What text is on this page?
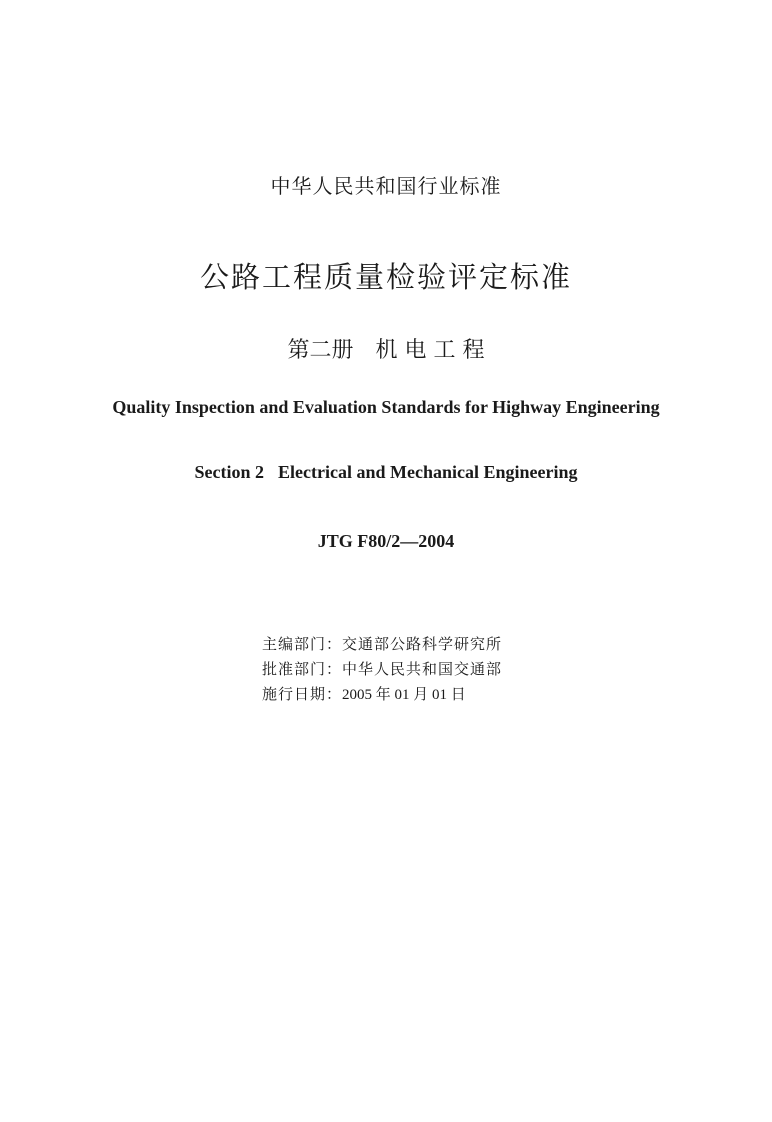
中华人民共和国行业标准
公路工程质量检验评定标准
第二册 机 电 工 程
Quality Inspection and Evaluation Standards for Highway Engineering
Section 2 Electrical and Mechanical Engineering
JTG F80/2—2004
主编部门：交通部公路科学研究所
批准部门：中华人民共和国交通部
施行日期：2005 年 01 月 01 日
